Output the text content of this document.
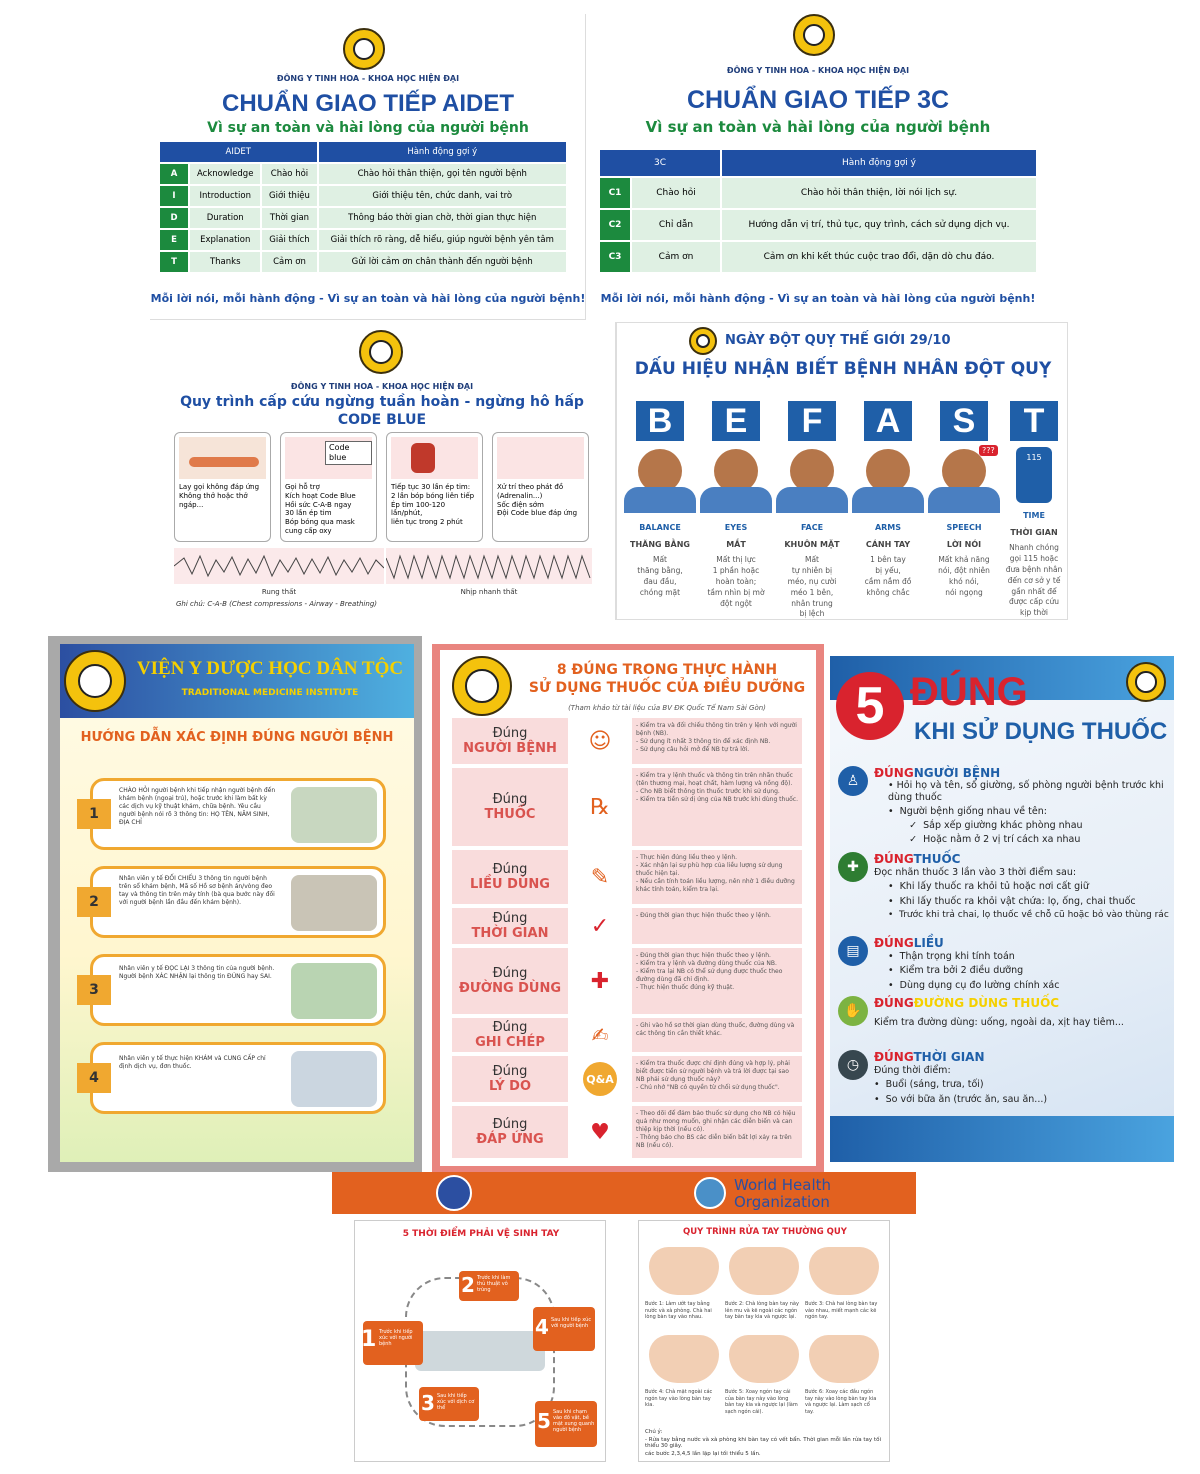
ĐÔNG Y TINH HOA - KHOA HỌC HIỆN ĐẠI
CHUẨN GIAO TIẾP AIDET
Vì sự an toàn và hài lòng của người bệnh
AIDET			Hành động gợi ý
A	Acknowledge	Chào hỏi	Chào hỏi thân thiện, gọi tên người bệnh
I	Introduction	Giới thiệu	Giới thiệu tên, chức danh, vai trò
D	Duration	Thời gian	Thông báo thời gian chờ, thời gian thực hiện
E	Explanation	Giải thích	Giải thích rõ ràng, dễ hiểu, giúp người bệnh yên tâm
T	Thanks	Cảm ơn	Gửi lời cảm ơn chân thành đến người bệnh
Mỗi lời nói, mỗi hành động - Vì sự an toàn và hài lòng của người bệnh!
ĐÔNG Y TINH HOA - KHOA HỌC HIỆN ĐẠI
CHUẨN GIAO TIẾP 3C
Vì sự an toàn và hài lòng của người bệnh
3C		Hành động gợi ý
C1	Chào hỏi	Chào hỏi thân thiện, lời nói lịch sự.
C2	Chỉ dẫn	Hướng dẫn vị trí, thủ tục, quy trình, cách sử dụng dịch vụ.
C3	Cảm ơn	Cảm ơn khi kết thúc cuộc trao đổi, dặn dò chu đáo.
Mỗi lời nói, mỗi hành động - Vì sự an toàn và hài lòng của người bệnh!
ĐÔNG Y TINH HOA - KHOA HỌC HIỆN ĐẠI
Quy trình cấp cứu ngừng tuần hoàn - ngừng hô hấp
CODE BLUE
Lay gọi không đáp ứng
Không thở hoặc thở ngáp...
Code blue
Gọi hỗ trợ
Kích hoạt Code Blue
Hồi sức C-A-B ngay
30 lần ép tim
Bóp bóng qua mask cung cấp oxy
Tiếp tục 30 lần ép tim:
2 lần bóp bóng liên tiếp
Ép tim 100-120 lần/phút,
liên tục trong 2 phút
Xử trí theo phát đồ
(Adrenalin...)
Sốc điện sớm
Đội Code blue đáp ứng
Rung thất	Nhịp nhanh thất
Ghi chú: C-A-B (Chest compressions - Airway - Breathing)
NGÀY ĐỘT QUỴ THẾ GIỚI 29/10
DẤU HIỆU NHẬN BIẾT BỆNH NHÂN ĐỘT QUỴ
B
BALANCE
THĂNG BẰNG
Mất
thăng bằng,
đau đầu,
chóng mặt
E
EYES
MẮT
Mất thị lực
1 phần hoặc
hoàn toàn;
tầm nhìn bị mờ
đột ngột
F
FACE
KHUÔN MẶT
Mất
tự nhiên bị
méo, nụ cười
méo 1 bên,
nhân trung
bị lệch
A
ARMS
CÁNH TAY
1 bên tay
bị yếu,
cầm nắm đồ
không chắc
S
???
SPEECH
LỜI NÓI
Mất khả năng
nói, đột nhiên
khó nói,
nói ngọng
T
115
TIME
THỜI GIAN
Nhanh chóng
gọi 115 hoặc
đưa bệnh nhân
đến cơ sở y tế
gần nhất để
được cấp cứu
kịp thời
VIỆN Y DƯỢC HỌC DÂN TỘC
TRADITIONAL MEDICINE INSTITUTE
HƯỚNG DẪN XÁC ĐỊNH ĐÚNG NGƯỜI BỆNH
1
CHÀO HỎI người bệnh khi tiếp nhận người bệnh đến khám bệnh (ngoại trú), hoặc trước khi làm bất kỳ các dịch vụ kỹ thuật khám, chữa bệnh. Yêu cầu người bệnh nói rõ 3 thông tin: HỌ TÊN, NĂM SINH, ĐỊA CHỈ
2
Nhân viên y tế ĐỐI CHIẾU 3 thông tin người bệnh trên sổ khám bệnh, Mã số Hồ sơ bệnh án/vòng đeo tay và thông tin trên máy tính (bà qua bước này đối với người bệnh lần đầu đến khám bệnh).
3
Nhân viên y tế ĐỌC LẠI 3 thông tin của người bệnh. Người bệnh XÁC NHẬN lại thông tin ĐÚNG hay SAI.
4
Nhân viên y tế thực hiện KHÁM và CUNG CẤP chỉ định dịch vụ, đơn thuốc.
8 ĐÚNG TRONG THỰC HÀNH
SỬ DỤNG THUỐC CỦA ĐIỀU DƯỠNG
(Tham khảo từ tài liệu của BV ĐK Quốc Tế Nam Sài Gòn)
Đúng
NGƯỜI BỆNH	☺
- Kiểm tra và đối chiếu thông tin trên y lệnh với người bệnh (NB).
- Sử dụng ít nhất 3 thông tin để xác định NB.
- Sử dụng câu hỏi mở để NB tự trả lời.
Đúng
THUỐC	℞
- Kiểm tra y lệnh thuốc và thông tin trên nhãn thuốc (tên thương mại, hoạt chất, hàm lượng và nồng độ).
- Cho NB biết thông tin thuốc trước khi sử dụng.
- Kiểm tra tiền sử dị ứng của NB trước khi dùng thuốc.
Đúng
LIỀU DÙNG	✎
- Thực hiện đúng liều theo y lệnh.
- Xác nhận lại sự phù hợp của liều lượng sử dụng thuốc hiện tại.
- Nếu cần tính toán liều lượng, nên nhờ 1 điều dưỡng khác tính toán, kiểm tra lại.
Đúng
THỜI GIAN	✓	- Đúng thời gian thực hiện thuốc theo y lệnh.
Đúng
ĐƯỜNG DÙNG	✚
- Đúng thời gian thực hiện thuốc theo y lệnh.
- Kiểm tra y lệnh và đường dùng thuốc của NB.
- Kiểm tra lại NB có thể sử dụng được thuốc theo đường dùng đã chỉ định.
- Thực hiện thuốc đúng kỹ thuật.
Đúng
GHI CHÉP	✍	- Ghi vào hồ sơ thời gian dùng thuốc, đường dùng và các thông tin cần thiết khác.
Đúng
LÝ DO	Q&A
- Kiểm tra thuốc được chỉ định đúng và hợp lý, phải biết được tiền sử người bệnh và trả lời được tại sao NB phải sử dụng thuốc này?
- Chú nhớ "NB có quyền từ chối sử dụng thuốc".
Đúng
ĐÁP ỨNG	♥
- Theo dõi để đảm bảo thuốc sử dụng cho NB có hiệu quả như mong muốn, ghi nhận các diễn biến và can thiệp kịp thời (nếu có).
- Thông báo cho BS các diễn biến bất lợi xảy ra trên NB (nếu có).
5 ĐÚNG
KHI SỬ DỤNG THUỐC
♙	ĐÚNGNGƯỜI BỆNH
• Hỏi họ và tên, số giường, số phòng người bệnh trước khi dùng thuốc
•  Người bệnh giống nhau về tên:
✓  Sắp xếp giường khác phòng nhau
✓  Hoặc nằm ở 2 vị trí cách xa nhau
✚	ĐÚNGTHUỐC
Đọc nhãn thuốc 3 lần vào 3 thời điểm sau:
•  Khi lấy thuốc ra khỏi tủ hoặc nơi cất giữ
•  Khi lấy thuốc ra khỏi vật chứa: lọ, ống, chai thuốc
•  Trước khi trả chai, lọ thuốc về chỗ cũ hoặc bỏ vào thùng rác
▤	ĐÚNGLIỀU
•  Thận trọng khi tính toán
•  Kiểm tra bởi 2 điều dưỡng
•  Dùng dụng cụ đo lường chính xác
✋	ĐÚNGĐƯỜNG DÙNG THUỐC
Kiểm tra đường dùng: uống, ngoài da, xịt hay tiêm...
◷	ĐÚNGTHỜI GIAN
Đúng thời điểm:
•  Buổi (sáng, trưa, tối)
•  So với bữa ăn (trước ăn, sau ăn...)
World Health
Organization
5 THỜI ĐIỂM PHẢI VỆ SINH TAY
1 Trước khi tiếp xúc với người bệnh
2 Trước khi làm thủ thuật vô trùng
3 Sau khi tiếp xúc với dịch cơ thể
4 Sau khi tiếp xúc với người bệnh
5 Sau khi chạm vào đồ vật, bề mặt xung quanh người bệnh
QUY TRÌNH RỬA TAY THƯỜNG QUY
Bước 1: Làm ướt tay bằng nước và xà phòng. Chà hai lòng bàn tay vào nhau.
Bước 2: Chà lòng bàn tay này lên mu và kẽ ngoài các ngón tay bàn tay kia và ngược lại.
Bước 3: Chà hai lòng bàn tay vào nhau, miết mạnh các kẽ ngón tay.
Bước 4: Chà mặt ngoài các ngón tay vào lòng bàn tay kia.
Bước 5: Xoay ngón tay cái của bàn tay này vào lòng bàn tay kia và ngược lại (làm sạch ngón cái).
Bước 6: Xoay các đầu ngón tay này vào lòng bàn tay kia và ngược lại. Làm sạch cổ tay.
Chú ý:
- Rửa tay bằng nước và xà phòng khi bàn tay có vết bẩn. Thời gian mỗi lần rửa tay tối thiểu 30 giây.
các bước 2,3,4,5 lần lặp lại tối thiểu 5 lần.
